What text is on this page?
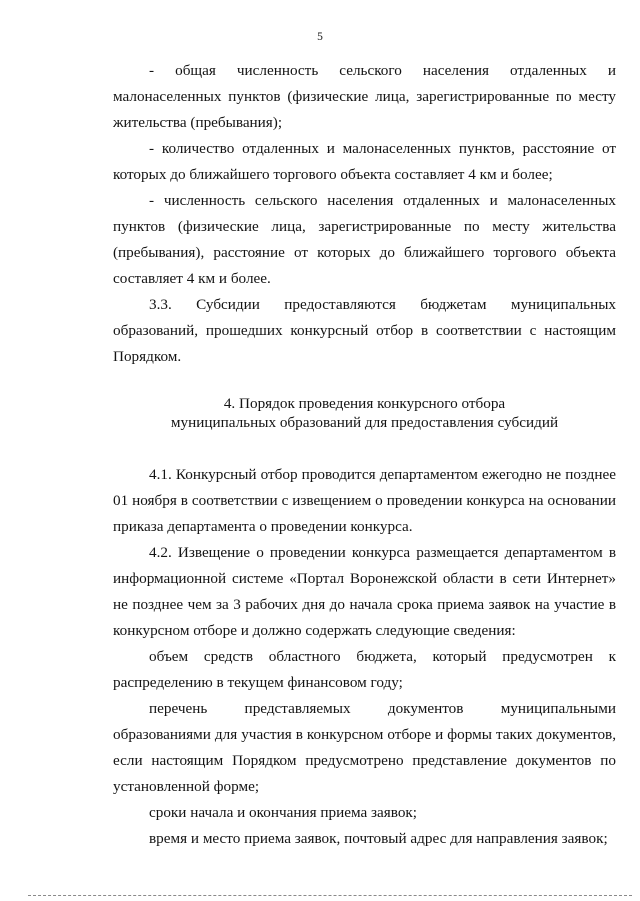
5

- общая численность сельского населения отдаленных и малонаселенных пунктов (физические лица, зарегистрированные по месту жительства (пребывания);

- количество отдаленных и малонаселенных пунктов, расстояние от которых до ближайшего торгового объекта составляет 4 км и более;

- численность сельского населения отдаленных и малонаселенных пунктов (физические лица, зарегистрированные по месту жительства (пребывания), расстояние от которых до ближайшего торгового объекта составляет 4 км и более.

3.3. Субсидии предоставляются бюджетам муниципальных образований, прошедших конкурсный отбор в соответствии с настоящим Порядком.

4. Порядок проведения конкурсного отбора
муниципальных образований для предоставления субсидий

4.1. Конкурсный отбор проводится департаментом ежегодно не позднее 01 ноября в соответствии с извещением о проведении конкурса на основании приказа департамента о проведении конкурса.

4.2. Извещение о проведении конкурса размещается департаментом в информационной системе «Портал Воронежской области в сети Интернет» не позднее чем за 3 рабочих дня до начала срока приема заявок на участие в конкурсном отборе и должно содержать следующие сведения:

объем средств областного бюджета, который предусмотрен к распределению в текущем финансовом году;

перечень представляемых документов муниципальными образованиями для участия в конкурсном отборе и формы таких документов, если настоящим Порядком предусмотрено представление документов по установленной форме;

сроки начала и окончания приема заявок;

время и место приема заявок, почтовый адрес для направления заявок;
